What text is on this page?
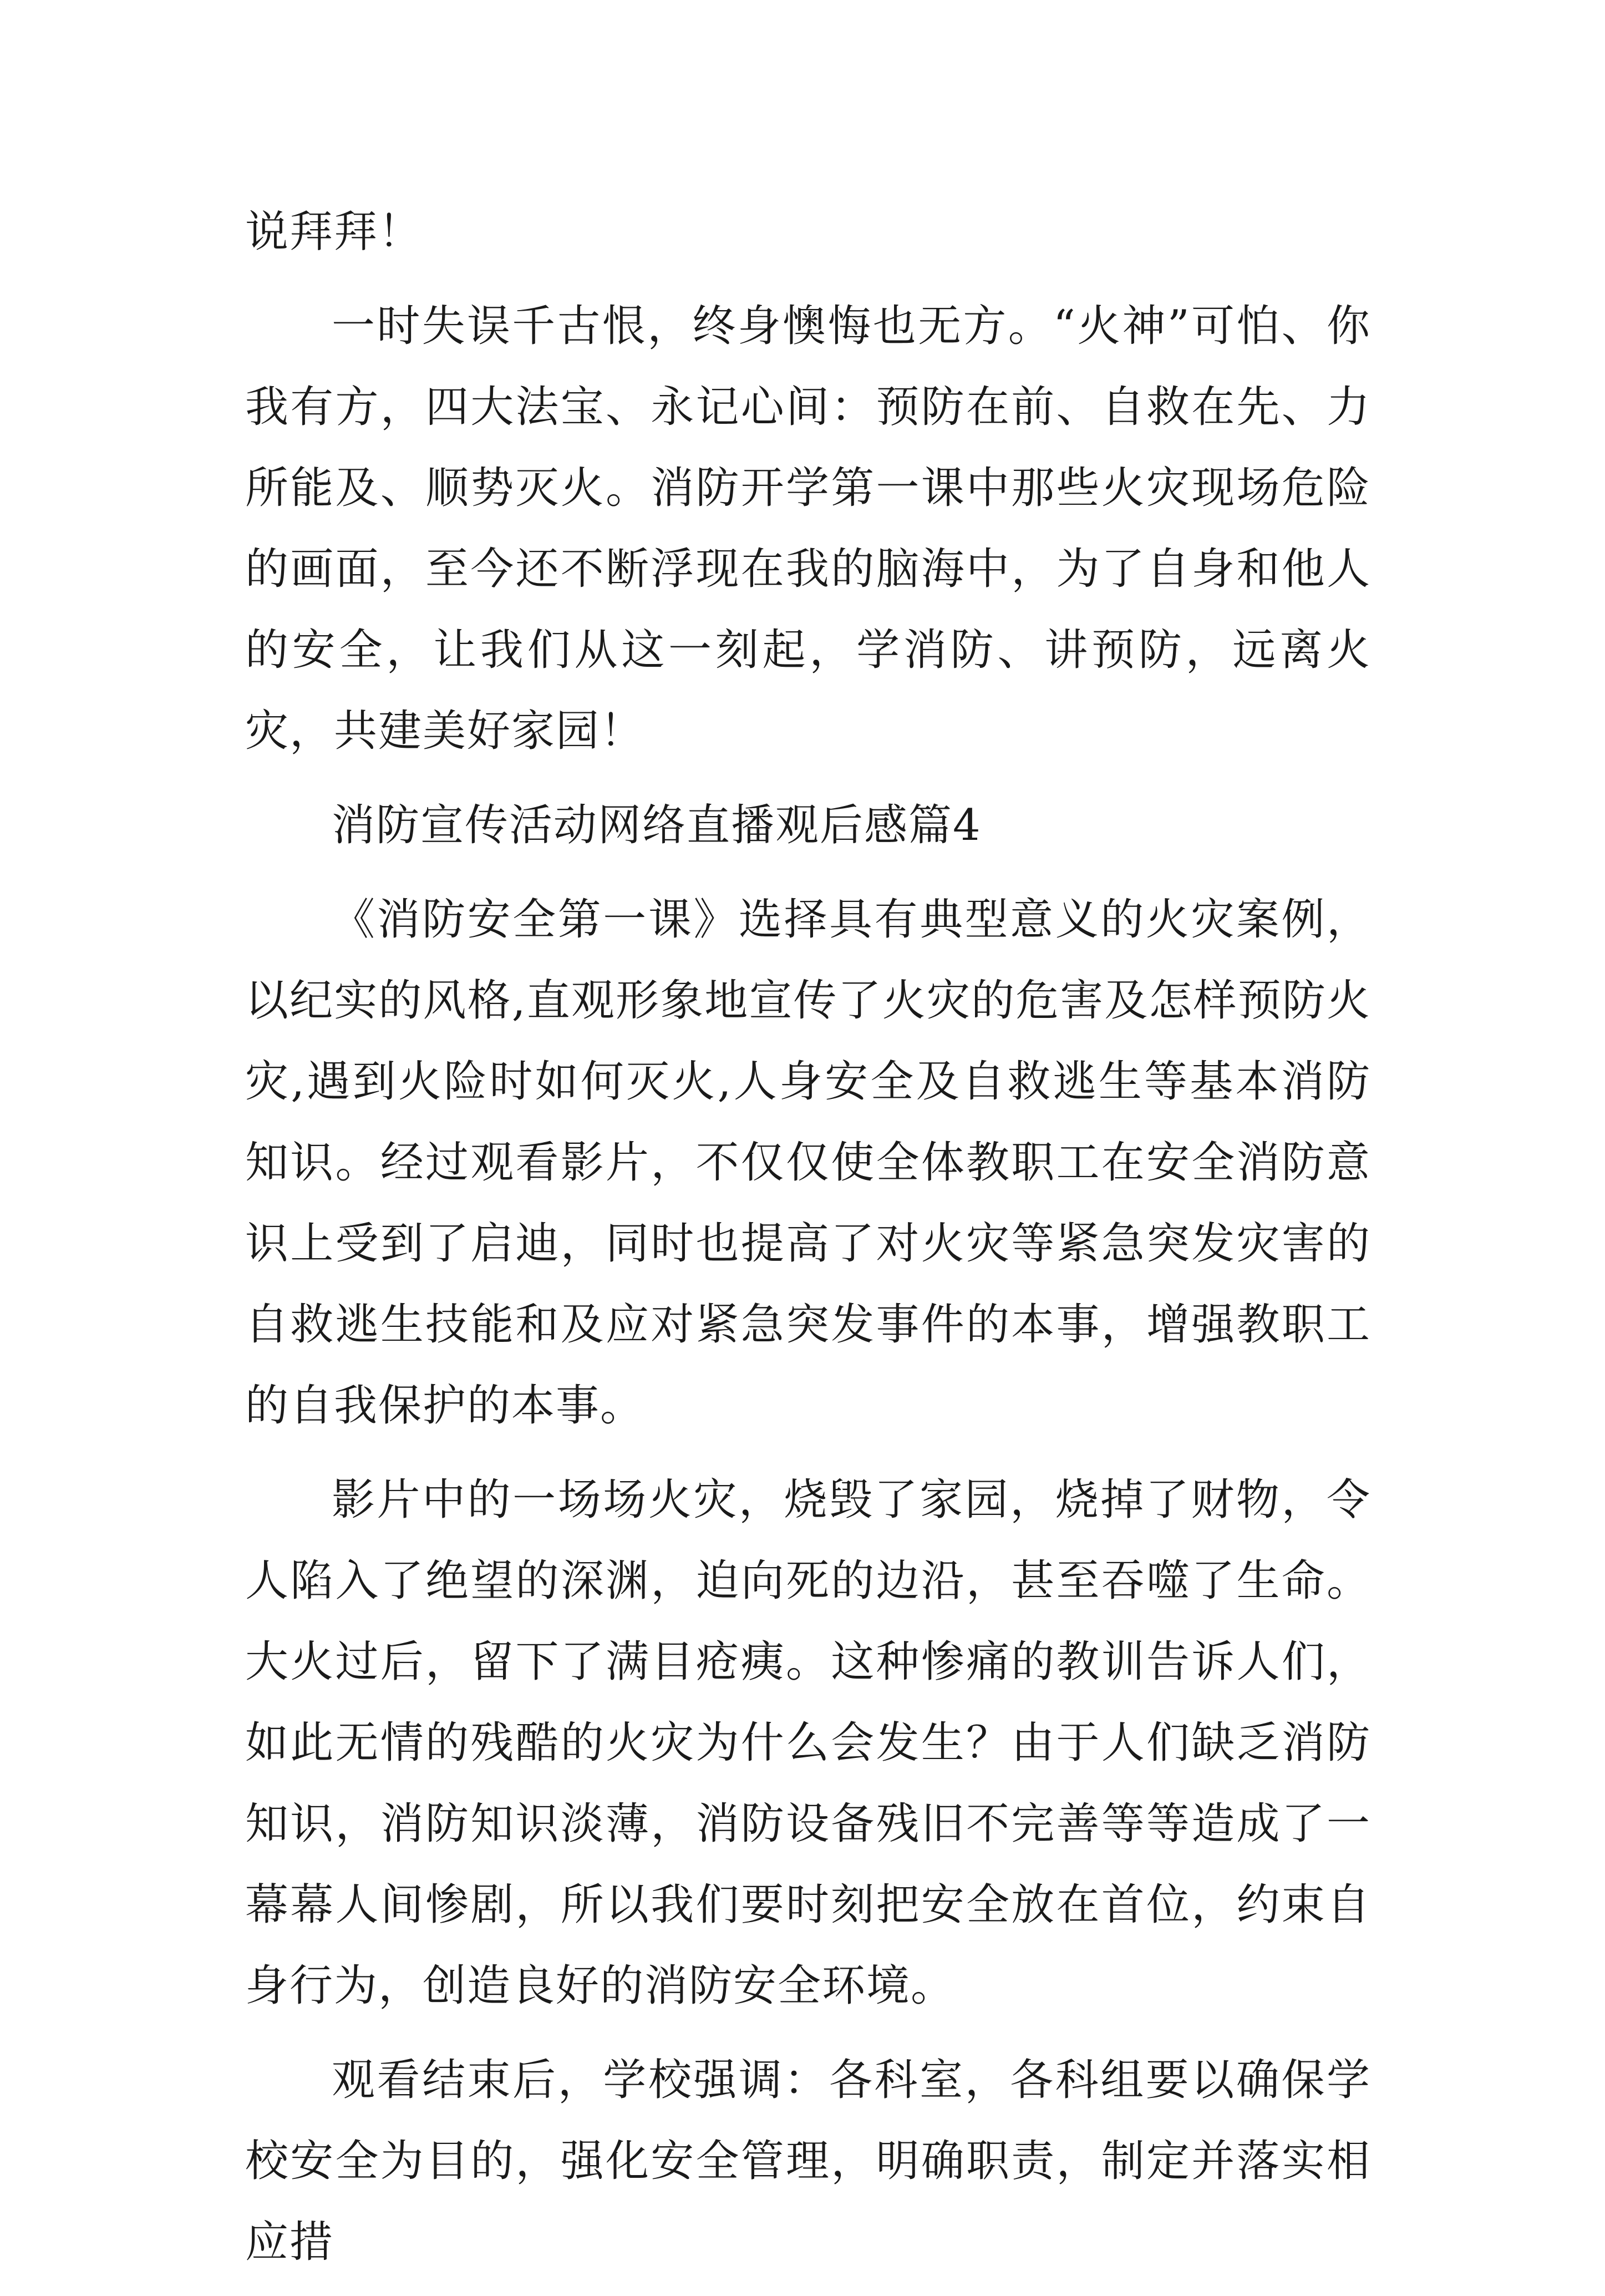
说拜拜！

一时失误千古恨，终身懊悔也无方。“火神”可怕、你我有方，四大法宝、永记心间：预防在前、自救在先、力所能及、顺势灭火。消防开学第一课中那些火灾现场危险的画面，至今还不断浮现在我的脑海中，为了自身和他人的安全，让我们从这一刻起，学消防、讲预防，远离火灾，共建美好家园！

消防宣传活动网络直播观后感篇4

《消防安全第一课》选择具有典型意义的火灾案例，以纪实的风格,直观形象地宣传了火灾的危害及怎样预防火灾,遇到火险时如何灭火,人身安全及自救逃生等基本消防知识。经过观看影片，不仅仅使全体教职工在安全消防意识上受到了启迪，同时也提高了对火灾等紧急突发灾害的自救逃生技能和及应对紧急突发事件的本事，增强教职工的自我保护的本事。

影片中的一场场火灾，烧毁了家园，烧掉了财物，令人陷入了绝望的深渊，迫向死的边沿，甚至吞噬了生命。大火过后，留下了满目疮痍。这种惨痛的教训告诉人们，如此无情的残酷的火灾为什么会发生？由于人们缺乏消防知识，消防知识淡薄，消防设备残旧不完善等等造成了一幕幕人间惨剧，所以我们要时刻把安全放在首位，约束自身行为，创造良好的消防安全环境。

观看结束后，学校强调：各科室，各科组要以确保学校安全为目的，强化安全管理，明确职责，制定并落实相应措
